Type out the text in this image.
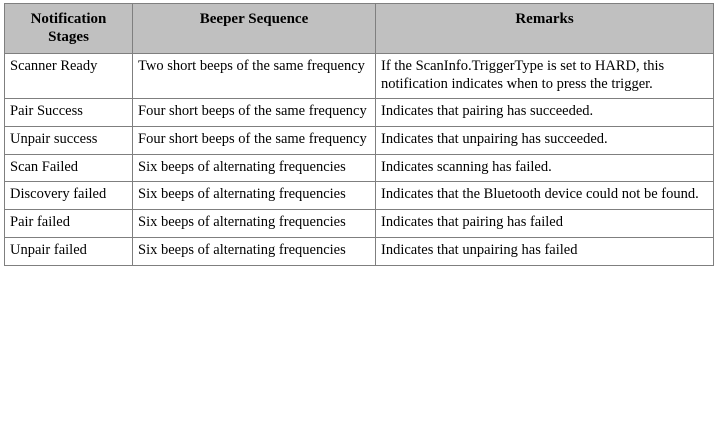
Notification Stages	Beeper Sequence	Remarks
Scanner Ready	Two short beeps of the same frequency	If the ScanInfo.TriggerType is set to HARD, this notification indicates when to press the trigger.
Pair Success	Four short beeps of the same frequency	Indicates that pairing has succeeded.
Unpair success	Four short beeps of the same frequency	Indicates that unpairing has succeeded.
Scan Failed	Six beeps of alternating frequencies	Indicates scanning has failed.
Discovery failed	Six beeps of alternating frequencies	Indicates that the Bluetooth device could not be found.
Pair failed	Six beeps of alternating frequencies	Indicates that pairing has failed
Unpair failed	Six beeps of alternating frequencies	Indicates that unpairing has failed
